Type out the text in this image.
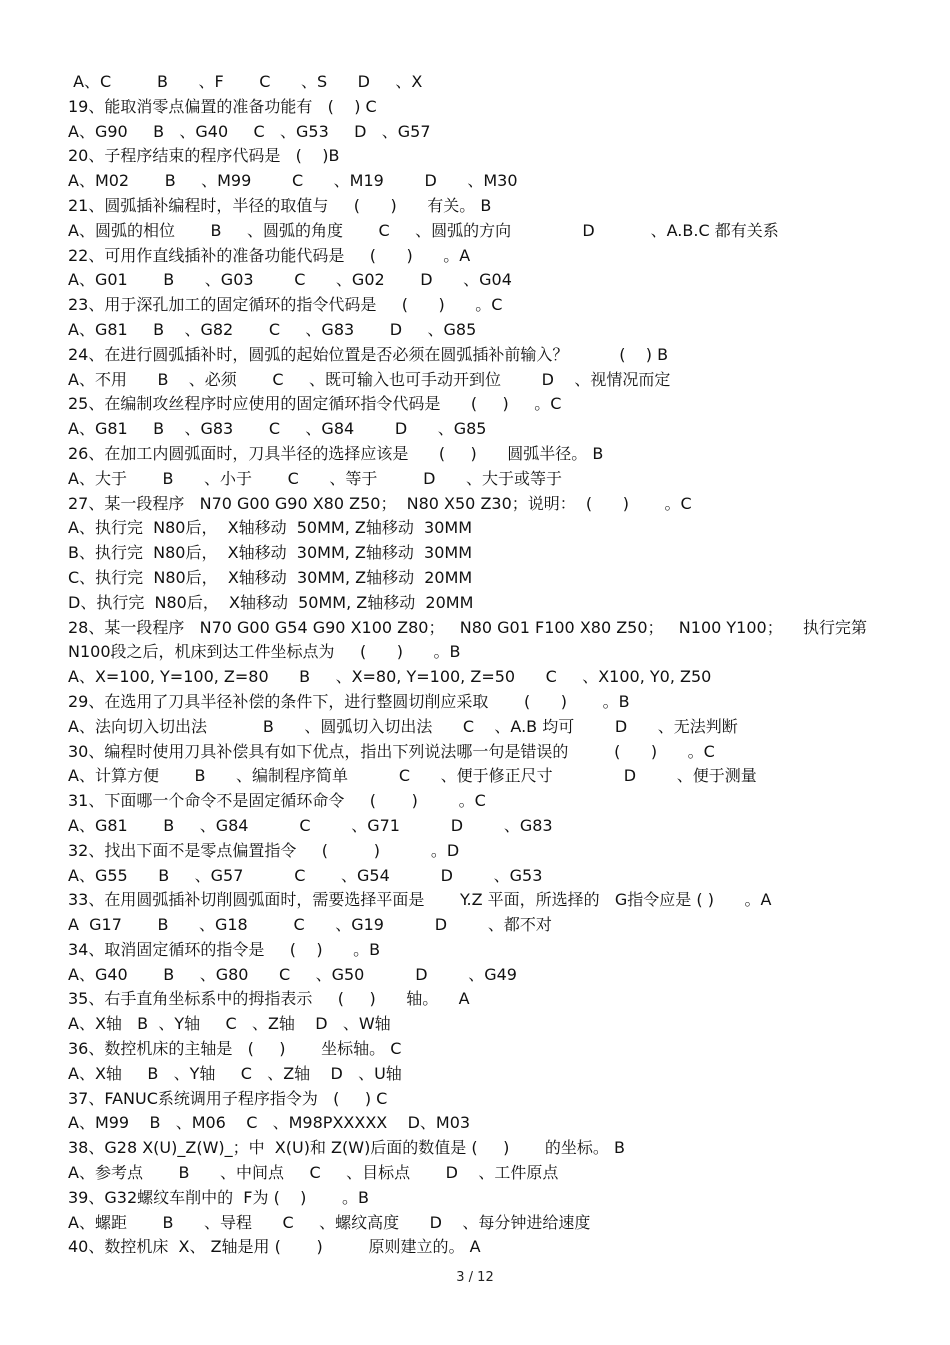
A、C         B      、F       C      、S      D     、X
19、能取消零点偏置的准备功能有   (    ) C
A、G90     B   、G40     C   、G53     D   、G57
20、子程序结束的程序代码是   (    )B
A、M02       B     、M99        C      、M19        D      、M30
21、圆弧插补编程时，半径的取值与     (      )      有关。 B
A、圆弧的相位       B     、圆弧的角度       C     、圆弧的方向              D           、A.B.C 都有关系
22、可用作直线插补的准备功能代码是     (      )      。A
A、G01       B      、G03        C      、G02       D      、G04
23、用于深孔加工的固定循环的指令代码是     (      )      。C
A、G81     B    、G82       C     、G83       D     、G85
24、在进行圆弧插补时，圆弧的起始位置是否必须在圆弧插补前输入？          (    ) B
A、不用      B    、必须       C     、既可输入也可手动开到位        D    、视情况而定
25、在编制攻丝程序时应使用的固定循环指令代码是      (     )     。C
A、G81     B    、G83       C     、G84        D      、G85
26、在加工内圆弧面时，刀具半径的选择应该是      (     )      圆弧半径。 B
A、大于       B      、小于       C      、等于         D      、大于或等于
27、某一段程序   N70 G00 G90 X80 Z50；  N80 X50 Z30；说明：  (      )       。C
A、执行完  N80后，  X轴移动  50MM, Z轴移动  30MM
B、执行完  N80后，  X轴移动  30MM, Z轴移动  30MM
C、执行完  N80后，  X轴移动  30MM, Z轴移动  20MM
D、执行完  N80后，  X轴移动  50MM, Z轴移动  20MM
28、某一段程序   N70 G00 G54 G90 X100 Z80；   N80 G01 F100 X80 Z50；   N100 Y100；    执行完第
N100段之后，机床到达工件坐标点为     (      )      。B
A、X=100, Y=100, Z=80      B     、X=80, Y=100, Z=50      C     、X100, Y0, Z50
29、在选用了刀具半径补偿的条件下，进行整圆切削应采取       (      )       。B
A、法向切入切出法           B      、圆弧切入切出法      C    、A.B 均可        D      、无法判断
30、编程时使用刀具补偿具有如下优点，指出下列说法哪一句是错误的         (      )      。C
A、计算方便       B      、编制程序简单          C      、便于修正尺寸              D        、便于测量
31、下面哪一个命令不是固定循环命令     (       )        。C
A、G81       B     、G84          C        、G71          D        、G83
32、找出下面不是零点偏置指令     (         )          。D
A、G55      B     、G57          C       、G54          D        、G53
33、在用圆弧插补切削圆弧面时，需要选择平面是       Y.Z 平面，所选择的   G指令应是 ( )      。A
A  G17       B      、G18         C      、G19          D        、都不对
34、取消固定循环的指令是     (    )      。B
A、G40       B     、G80      C     、G50          D        、G49
35、右手直角坐标系中的拇指表示     (     )      轴。    A
A、X轴   B  、Y轴     C   、Z轴    D   、W轴
36、数控机床的主轴是   (     )       坐标轴。 C
A、X轴     B   、Y轴     C   、Z轴    D   、U轴
37、FANUC系统调用子程序指令为   (     ) C
A、M99    B   、M06    C   、M98PXXXXX    D、M03
38、G28 X(U)_Z(W)_；中  X(U)和 Z(W)后面的数值是 (     )       的坐标。 B
A、参考点       B      、中间点     C     、目标点       D    、工件原点
39、G32螺纹车削中的  F为 (    )       。B
A、螺距       B      、导程      C     、螺纹高度      D    、每分钟进给速度
40、数控机床  X、 Z轴是用 (       )         原则建立的。 A
3 / 12
